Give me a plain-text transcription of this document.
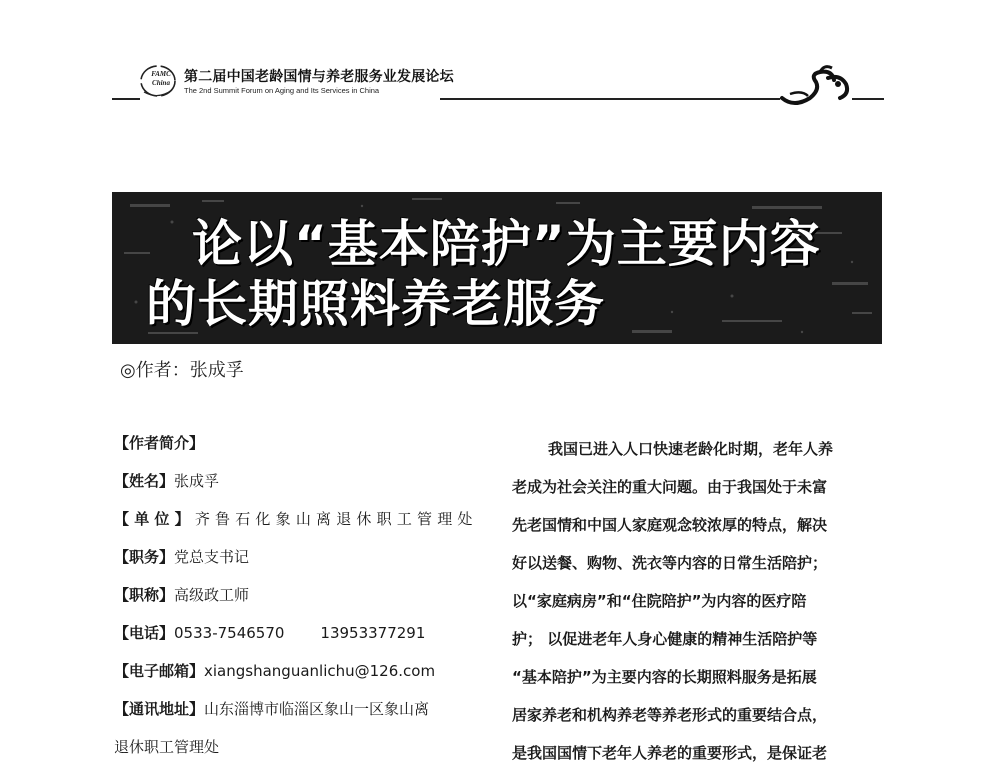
FAMC China 第二届中国老龄国情与养老服务业发展论坛
The 2nd Summit Forum on Aging and Its Services in China
论以“基本陪护”为主要内容
的长期照料养老服务
◎作者：张成孚
【作者简介】
【姓名】张成孚
【单位】齐鲁石化象山离退休职工管理处
【职务】党总支书记
【职称】高级政工师
【电话】0533-7546570 13953377291
【电子邮箱】xiangshanguanlichu@126.com
【通讯地址】山东淄博市临淄区象山一区象山离
退休职工管理处
我国已进入人口快速老龄化时期，老年人养
老成为社会关注的重大问题。由于我国处于未富
先老国情和中国人家庭观念较浓厚的特点，解决
好以送餐、购物、洗衣等内容的日常生活陪护；
以“家庭病房”和“住院陪护”为内容的医疗陪
护； 以促进老年人身心健康的精神生活陪护等
“基本陪护”为主要内容的长期照料服务是拓展
居家养老和机构养老等养老形式的重要结合点，
是我国国情下老年人养老的重要形式，是保证老
